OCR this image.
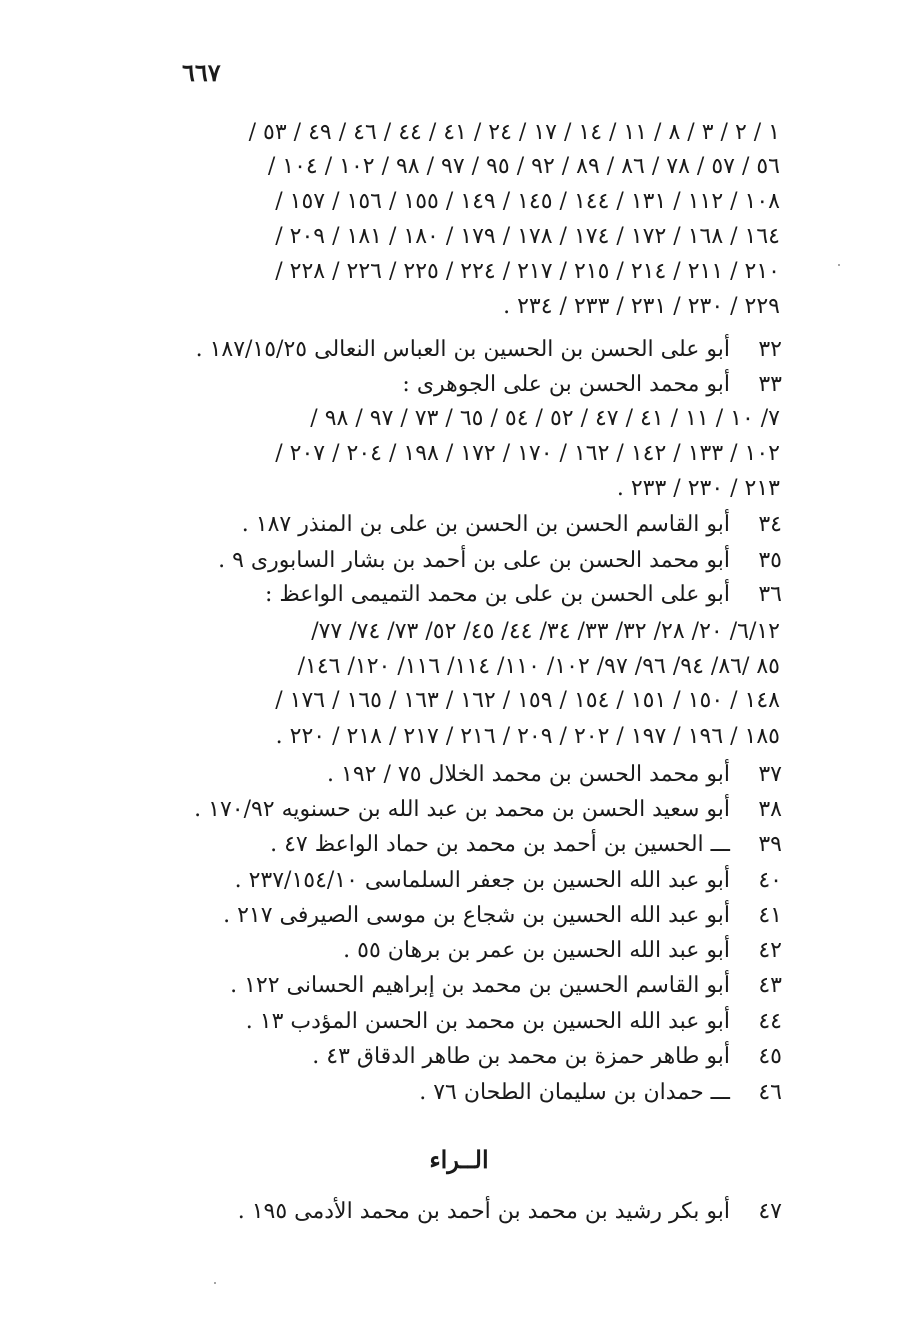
٦٦٧
١ / ٢ / ٣ / ٨ / ١١ / ١٤ / ١٧ / ٢٤ / ٤١ / ٤٤ / ٤٦ / ٤٩ / ٥٣ /
٥٦ / ٥٧ / ٧٨ / ٨٦ / ٨٩ / ٩٢ / ٩٥ / ٩٧ / ٩٨ / ١٠٢ / ١٠٤ /
١٠٨ / ١١٢ / ١٣١ / ١٤٤ / ١٤٥ / ١٤٩ / ١٥٥ / ١٥٦ / ١٥٧ /
١٦٤ / ١٦٨ / ١٧٢ / ١٧٤ / ١٧٨ / ١٧٩ / ١٨٠ / ١٨١ / ٢٠٩ /
٢١٠ / ٢١١ / ٢١٤ / ٢١٥ / ٢١٧ / ٢٢٤ / ٢٢٥ / ٢٢٦ / ٢٢٨ /
٢٢٩ / ٢٣٠ / ٢٣١ / ٢٣٣ / ٢٣٤ .
٣٢
أبو على الحسن بن الحسين بن العباس النعالى ١٨٧/١٥/٢٥ .
٣٣
أبو محمد الحسن بن على الجوهرى :
٧/ ١٠ / ١١ / ٤١ / ٤٧ / ٥٢ / ٥٤ / ٦٥ / ٧٣ / ٩٧ / ٩٨ /
١٠٢ / ١٣٣ / ١٤٢ / ١٦٢ / ١٧٠ / ١٧٢ / ١٩٨ / ٢٠٤ / ٢٠٧ /
٢١٣ / ٢٣٠ / ٢٣٣ .
٣٤
أبو القاسم الحسن بن الحسن بن على بن المنذر ١٨٧ .
٣٥
أبو محمد الحسن بن على بن أحمد بن بشار السابورى ٩ .
٣٦
أبو على الحسن بن على بن محمد التميمى الواعظ :
٦/١٢/ ٢٠/ ٢٨/ ٣٢/ ٣٣/ ٣٤/ ٤٤/ ٤٥/ ٥٢/ ٧٣/ ٧٤/ ٧٧/
٨٥ /٨٦/ ٩٤/ ٩٦/ ٩٧/ ١٠٢/ ١١٠/ ١١٤/ ١١٦/ ١٢٠/ ١٤٦/
١٤٨ / ١٥٠ / ١٥١ / ١٥٤ / ١٥٩ / ١٦٢ / ١٦٣ / ١٦٥ / ١٧٦ /
١٨٥ / ١٩٦ / ١٩٧ / ٢٠٢ / ٢٠٩ / ٢١٦ / ٢١٧ / ٢١٨ / ٢٢٠ .
٣٧
أبو محمد الحسن بن محمد الخلال ٧٥ / ١٩٢ .
٣٨
أبو سعيد الحسن بن محمد بن عبد الله بن حسنويه ١٧٠/٩٢ .
٣٩
ـــ الحسين بن أحمد بن محمد بن حماد الواعظ ٤٧ .
٤٠
أبو عبد الله الحسين بن جعفر السلماسى ٢٣٧/١٥٤/١٠ .
٤١
أبو عبد الله الحسين بن شجاع بن موسى الصيرفى ٢١٧ .
٤٢
أبو عبد الله الحسين بن عمر بن برهان ٥٥ .
٤٣
أبو القاسم الحسين بن محمد بن إبراهيم الحسانى ١٢٢ .
٤٤
أبو عبد الله الحسين بن محمد بن الحسن المؤدب ١٣ .
٤٥
أبو طاهر حمزة بن محمد بن طاهر الدقاق ٤٣ .
٤٦
ـــ حمدان بن سليمان الطحان ٧٦ .
الــراء
٤٧
أبو بكر رشيد بن محمد بن أحمد بن محمد الأدمى ١٩٥ .
